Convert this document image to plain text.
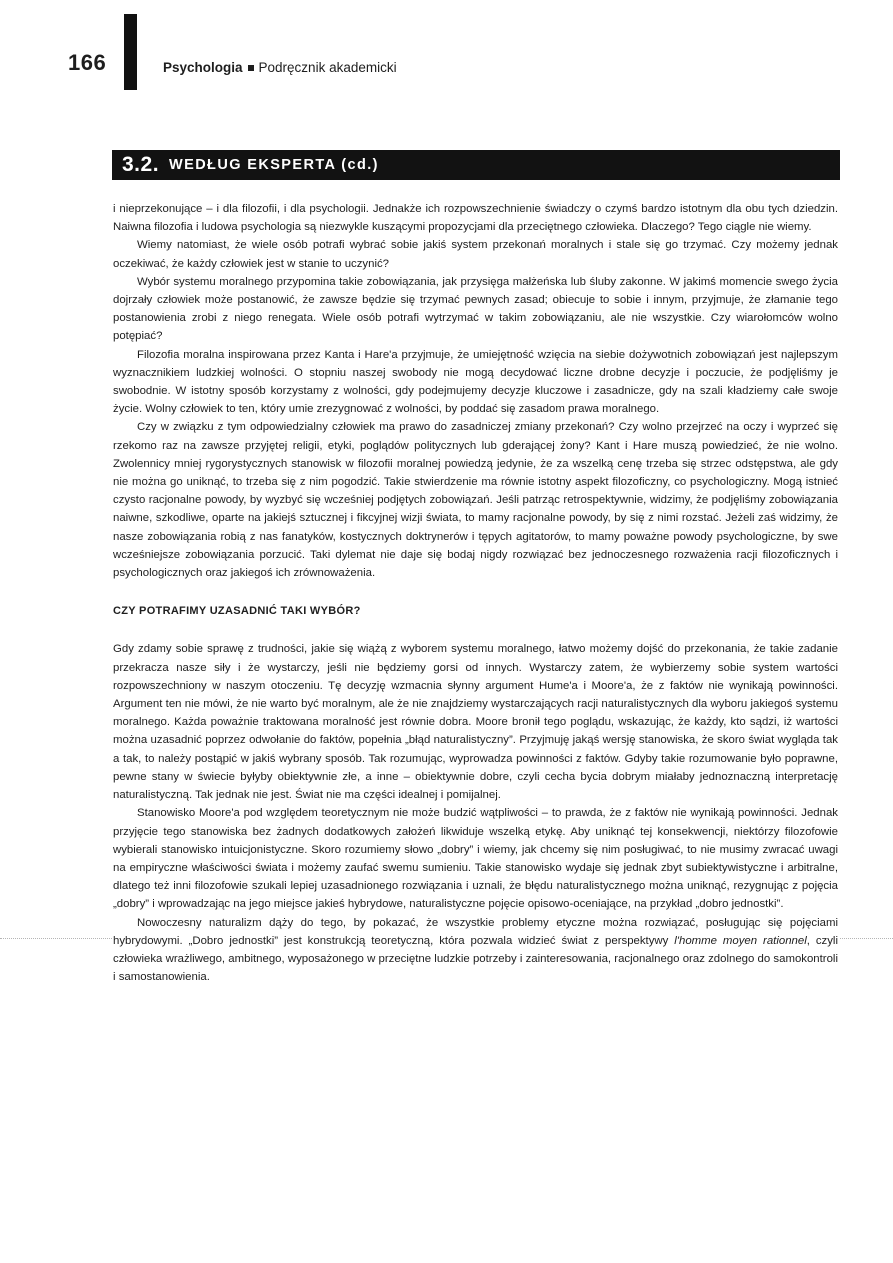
166	Psychologia Podręcznik akademicki
3.2. WEDŁUG EKSPERTA (cd.)

i nieprzekonujące – i dla filozofii, i dla psychologii. Jednakże ich rozpowszechnienie świadczy o czymś bardzo istotnym dla obu tych dziedzin. Naiwna filozofia i ludowa psychologia są niezwykle kuszącymi propozycjami dla przeciętnego człowieka. Dlaczego? Tego ciągle nie wiemy.

Wiemy natomiast, że wiele osób potrafi wybrać sobie jakiś system przekonań moralnych i stale się go trzymać. Czy możemy jednak oczekiwać, że każdy człowiek jest w stanie to uczynić?

Wybór systemu moralnego przypomina takie zobowiązania, jak przysięga małżeńska lub śluby zakonne. W jakimś momencie swego życia dojrzały człowiek może postanowić, że zawsze będzie się trzymać pewnych zasad; obiecuje to sobie i innym, przyjmuje, że złamanie tego postanowienia zrobi z niego renegata. Wiele osób potrafi wytrzymać w takim zobowiązaniu, ale nie wszystkie. Czy wiarołomców wolno potępiać?

Filozofia moralna inspirowana przez Kanta i Hare'a przyjmuje, że umiejętność wzięcia na siebie dożywotnich zobowiązań jest najlepszym wyznacznikiem ludzkiej wolności. O stopniu naszej swobody nie mogą decydować liczne drobne decyzje i poczucie, że podjęliśmy je swobodnie. W istotny sposób korzystamy z wolności, gdy podejmujemy decyzje kluczowe i zasadnicze, gdy na szali kładziemy całe swoje życie. Wolny człowiek to ten, który umie zrezygnować z wolności, by poddać się zasadom prawa moralnego.

Czy w związku z tym odpowiedzialny człowiek ma prawo do zasadniczej zmiany przekonań? Czy wolno przejrzeć na oczy i wyprzeć się rzekomo raz na zawsze przyjętej religii, etyki, poglądów politycznych lub gderającej żony? Kant i Hare muszą powiedzieć, że nie wolno. Zwolennicy mniej rygorystycznych stanowisk w filozofii moralnej powiedzą jedynie, że za wszelką cenę trzeba się strzec odstępstwa, ale gdy nie można go uniknąć, to trzeba się z nim pogodzić. Takie stwierdzenie ma równie istotny aspekt filozoficzny, co psychologiczny. Mogą istnieć czysto racjonalne powody, by wyzbyć się wcześniej podjętych zobowiązań. Jeśli patrząc retrospektywnie, widzimy, że podjęliśmy zobowiązania naiwne, szkodliwe, oparte na jakiejś sztucznej i fikcyjnej wizji świata, to mamy racjonalne powody, by się z nimi rozstać. Jeżeli zaś widzimy, że nasze zobowiązania robią z nas fanatyków, kostycznych doktrynerów i tępych agitatorów, to mamy poważne powody psychologiczne, by swe wcześniejsze zobowiązania porzucić. Taki dylemat nie daje się bodaj nigdy rozwiązać bez jednoczesnego rozważenia racji filozoficznych i psychologicznych oraz jakiegoś ich zrównoważenia.

CZY POTRAFIMY UZASADNIĆ TAKI WYBÓR?

Gdy zdamy sobie sprawę z trudności, jakie się wiążą z wyborem systemu moralnego, łatwo możemy dojść do przekonania, że takie zadanie przekracza nasze siły i że wystarczy, jeśli nie będziemy gorsi od innych. Wystarczy zatem, że wybierzemy sobie system wartości rozpowszechniony w naszym otoczeniu. Tę decyzję wzmacnia słynny argument Hume'a i Moore'a, że z faktów nie wynikają powinności. Argument ten nie mówi, że nie warto być moralnym, ale że nie znajdziemy wystarczających racji naturalistycznych dla wyboru jakiegoś systemu moralnego. Każda poważnie traktowana moralność jest równie dobra. Moore bronił tego poglądu, wskazując, że każdy, kto sądzi, iż wartości można uzasadnić poprzez odwołanie do faktów, popełnia „błąd naturalistyczny”. Przyjmuję jakąś wersję stanowiska, że skoro świat wygląda tak a tak, to należy postąpić w jakiś wybrany sposób. Tak rozumując, wyprowadza powinności z faktów. Gdyby takie rozumowanie było poprawne, pewne stany w świecie byłyby obiektywnie złe, a inne – obiektywnie dobre, czyli cecha bycia dobrym miałaby jednoznaczną interpretację naturalistyczną. Tak jednak nie jest. Świat nie ma części idealnej i pomijalnej.

Stanowisko Moore'a pod względem teoretycznym nie może budzić wątpliwości – to prawda, że z faktów nie wynikają powinności. Jednak przyjęcie tego stanowiska bez żadnych dodatkowych założeń likwiduje wszelką etykę. Aby uniknąć tej konsekwencji, niektórzy filozofowie wybierali stanowisko intuicjonistyczne. Skoro rozumiemy słowo „dobry” i wiemy, jak chcemy się nim posługiwać, to nie musimy zwracać uwagi na empiryczne właściwości świata i możemy zaufać swemu sumieniu. Takie stanowisko wydaje się jednak zbyt subiektywistyczne i arbitralne, dlatego też inni filozofowie szukali lepiej uzasadnionego rozwiązania i uznali, że błędu naturalistycznego można uniknąć, rezygnując z pojęcia „dobry” i wprowadzając na jego miejsce jakieś hybrydowe, naturalistyczne pojęcie opisowo-oceniające, na przykład „dobro jednostki”.

Nowoczesny naturalizm dąży do tego, by pokazać, że wszystkie problemy etyczne można rozwiązać, posługując się pojęciami hybrydowymi. „Dobro jednostki” jest konstrukcją teoretyczną, która pozwala widzieć świat z perspektywy l'homme moyen rationnel, czyli człowieka wrażliwego, ambitnego, wyposażonego w przeciętne ludzkie potrzeby i zainteresowania, racjonalnego oraz zdolnego do samokontroli i samostanowienia.
